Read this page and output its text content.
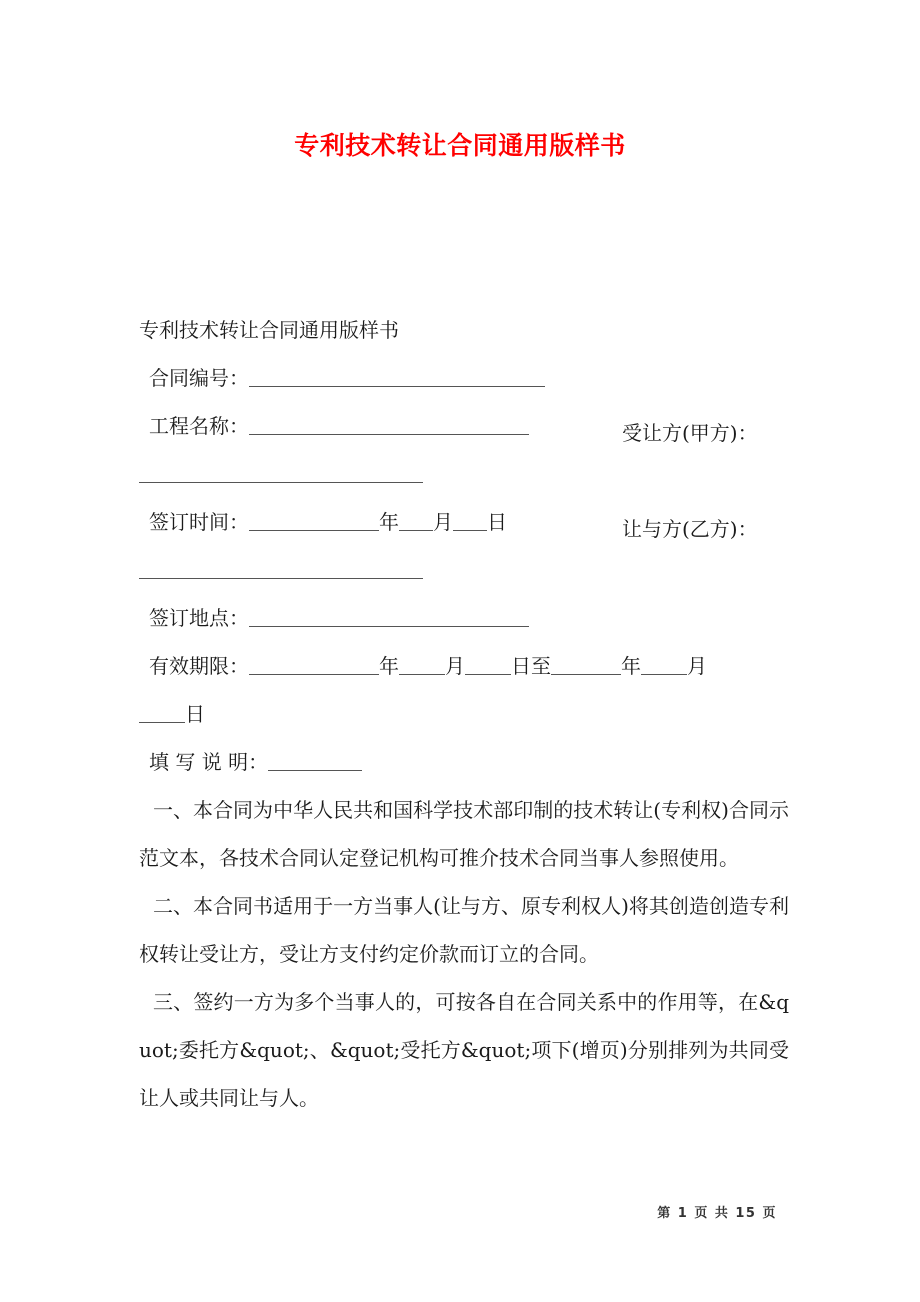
专利技术转让合同通用版样书
专利技术转让合同通用版样书
合同编号：
工程名称：
签订时间：	年 月 日
签订地点：
有效期限：	年 月 日至	年 月
日
填 写 说 明：
一、本合同为中华人民共和国科学技术部印制的技术转让(专利权)合同示范文本，各技术合同认定登记机构可推介技术合同当事人参照使用。
二、本合同书适用于一方当事人(让与方、原专利权人)将其创造创造专利权转让受让方，受让方支付约定价款而订立的合同。
三、签约一方为多个当事人的，可按各自在合同关系中的作用等，在&quot;委托方&quot;、&quot;受托方&quot;项下(增页)分别排列为共同受让人或共同让与人。
受让方(甲方)：
让与方(乙方)：
第 1 页 共 15 页
